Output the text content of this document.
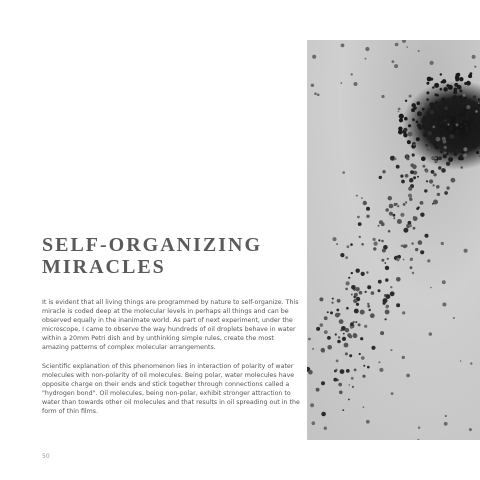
SELF-ORGANIZING
MIRACLES

It is evident that all living things are programmed by nature to self-organize. This miracle is coded deep at the molecular levels in perhaps all things and can be observed equally in the inanimate world. As part of next experiment, under the microscope, I came to observe the way hundreds of oil droplets behave in water within a 20mm Petri dish and by unthinking simple rules, create the most amazing patterns of complex molecular arrangements.

Scientific explanation of this phenomenon lies in interaction of polarity of water molecules with non-polarity of oil molecules. Being polar, water molecules have opposite charge on their ends and stick together through connections called a "hydrogen bond". Oil molecules, being non-polar, exhibit stronger attraction to water than towards other oil molecules and that results in oil spreading out in the form of thin films.

50
